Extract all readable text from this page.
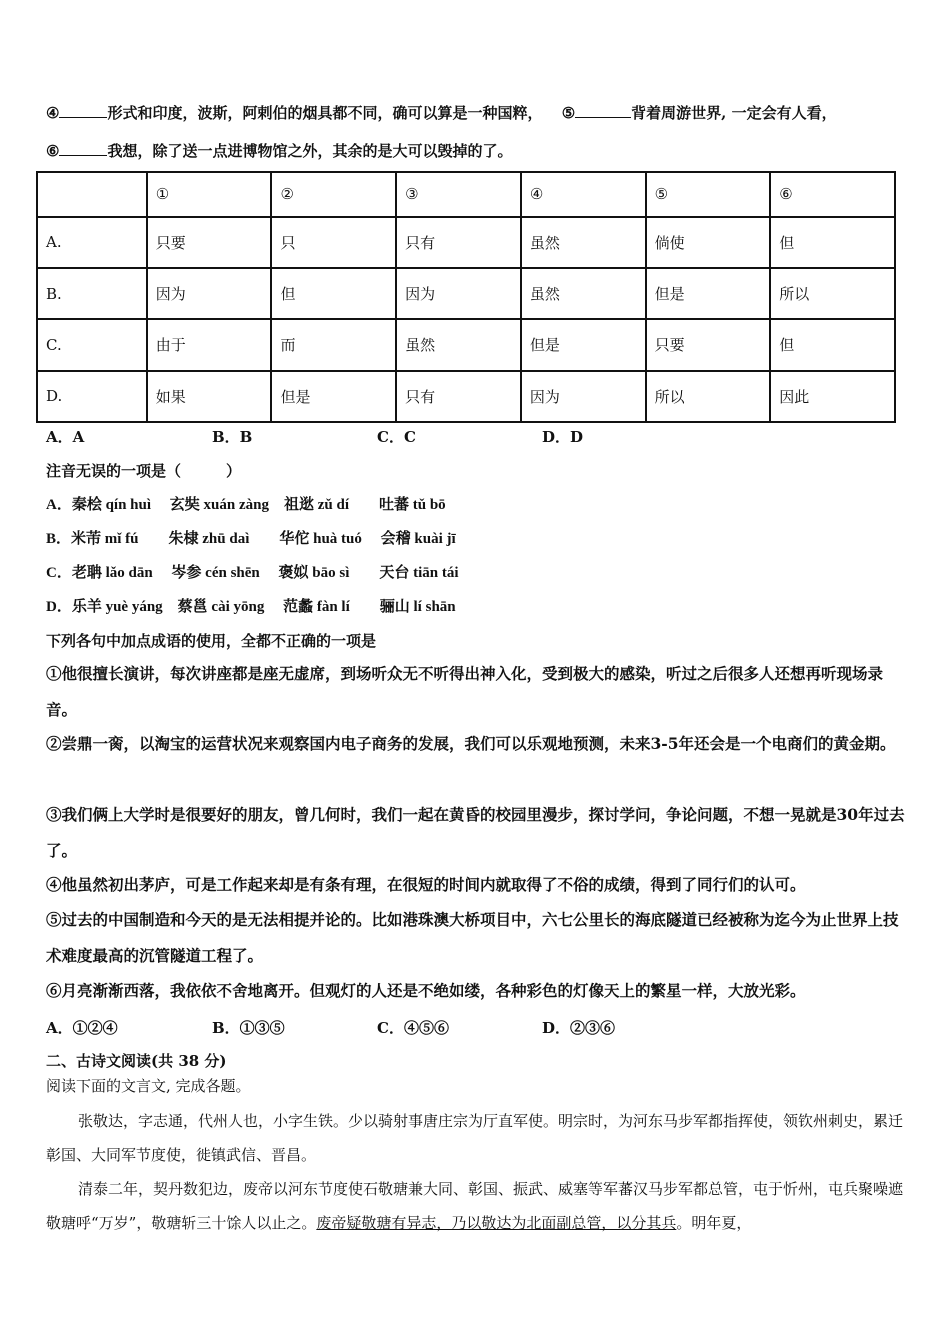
④	形式和印度，波斯，阿剌伯的烟具都不同，确可以算是一种国粹， ⑤	背着周游世界, 一定会有人看，
⑥	我想，除了送一点进博物馆之外，其余的是大可以毁掉的了。
	①	②	③	④	⑤	⑥
A.	只要	只	只有	虽然	倘使	但
B.	因为	但	因为	虽然	但是	所以
C.	由于	而	虽然	但是	只要	但
D.	如果	但是	只有	因为	所以	因此
A．A	B．B	C．C	D．D
注音无误的一项是（　　　）
A．秦桧 qín huì　 玄奘 xuán zàng　祖逖 zǔ dí　　吐蕃 tǔ bō
B．米芾 mǐ fú　　朱棣 zhū daì　　华佗 huà tuó　 会稽 kuài jī
C．老聃 lǎo dān　 岑参 cén shēn　 褒姒 bāo sì　　天台 tiān tái
D．乐羊 yuè yáng　蔡邕 cài yōng　 范蠡 fàn lí　　骊山 lí shān
下列各句中加点成语的使用，全都不正确的一项是
①他很擅长演讲，每次讲座都是座无虚席，到场听众无不听得出神入化，受到极大的感染，听过之后很多人还想再听现场录音。
②尝鼎一脔，以淘宝的运营状况来观察国内电子商务的发展，我们可以乐观地预测，未来3-5年还会是一个电商们的黄金期。
③我们俩上大学时是很要好的朋友，曾几何时，我们一起在黄昏的校园里漫步，探讨学问，争论问题，不想一晃就是30年过去了。
④他虽然初出茅庐，可是工作起来却是有条有理，在很短的时间内就取得了不俗的成绩，得到了同行们的认可。
⑤过去的中国制造和今天的是无法相提并论的。比如港珠澳大桥项目中，六七公里长的海底隧道已经被称为迄今为止世界上技术难度最高的沉管隧道工程了。
⑥月亮渐渐西落，我依依不舍地离开。但观灯的人还是不绝如缕，各种彩色的灯像天上的繁星一样，大放光彩。
A．①②④	B．①③⑤	C．④⑤⑥	D．②③⑥
二、古诗文阅读(共 38 分)
阅读下面的文言文, 完成各题。
张敬达，字志通，代州人也，小字生铁。少以骑射事唐庄宗为厅直军使。明宗时，为河东马步军都指挥使，领钦州刺史，累迁彰国、大同军节度使，徙镇武信、晋昌。
清泰二年，契丹数犯边，废帝以河东节度使石敬瑭兼大同、彰国、振武、威塞等军蕃汉马步军都总管，屯于忻州，屯兵聚噪遮敬瑭呼“万岁”，敬瑭斩三十馀人以止之。废帝疑敬瑭有异志，乃以敬达为北面副总管，以分其兵。明年夏，
